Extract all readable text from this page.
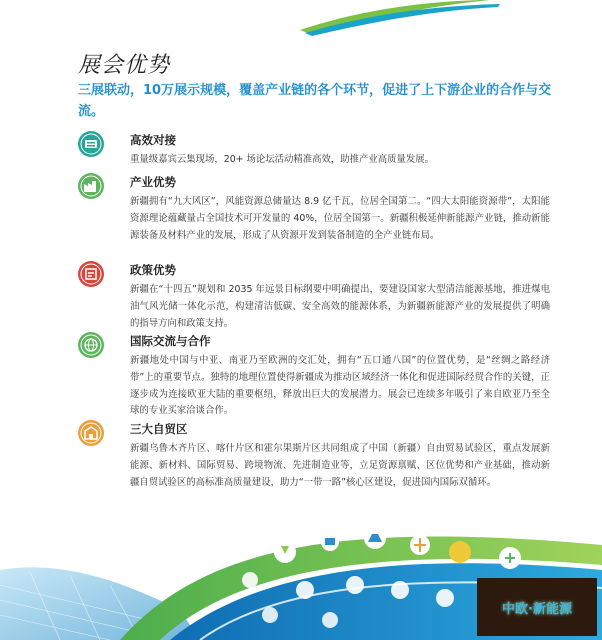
展会优势

三展联动，10万展示规模，覆盖产业链的各个环节，促进了上下游企业的合作与交流。

高效对接

重量级嘉宾云集现场，20+ 场论坛活动精准高效，助推产业高质量发展。

产业优势

新疆拥有“九大风区”，风能资源总储量达 8.9 亿千瓦，位居全国第二。“四大太阳能资源带”，太阳能资源理论蕴藏量占全国技术可开发量的 40%，位居全国第一。新疆积极延伸新能源产业链，推动新能源装备及材料产业的发展，形成了从资源开发到装备制造的全产业链布局。

政策优势

新疆在“十四五”规划和 2035 年远景目标纲要中明确提出，要建设国家大型清洁能源基地，推进煤电油气风光储一体化示范，构建清洁低碳、安全高效的能源体系，为新疆新能源产业的发展提供了明确的指导方向和政策支持。

国际交流与合作

新疆地处中国与中亚、南亚乃至欧洲的交汇处，拥有“五口通八国”的位置优势，是“丝绸之路经济带”上的重要节点。独特的地理位置使得新疆成为推动区域经济一体化和促进国际经贸合作的关键，正逐步成为连接欧亚大陆的重要枢纽，释放出巨大的发展潜力。展会已连续多年吸引了来自欧亚乃至全球的专业买家洽谈合作。

三大自贸区

新疆乌鲁木齐片区、喀什片区和霍尔果斯片区共同组成了中国（新疆）自由贸易试验区，重点发展新能源、新材料、国际贸易、跨境物流、先进制造业等，立足资源禀赋、区位优势和产业基础，推动新疆自贸试验区的高标准高质量建设，助力“一带一路”核心区建设，促进国内国际双循环。

中欧·新能源
